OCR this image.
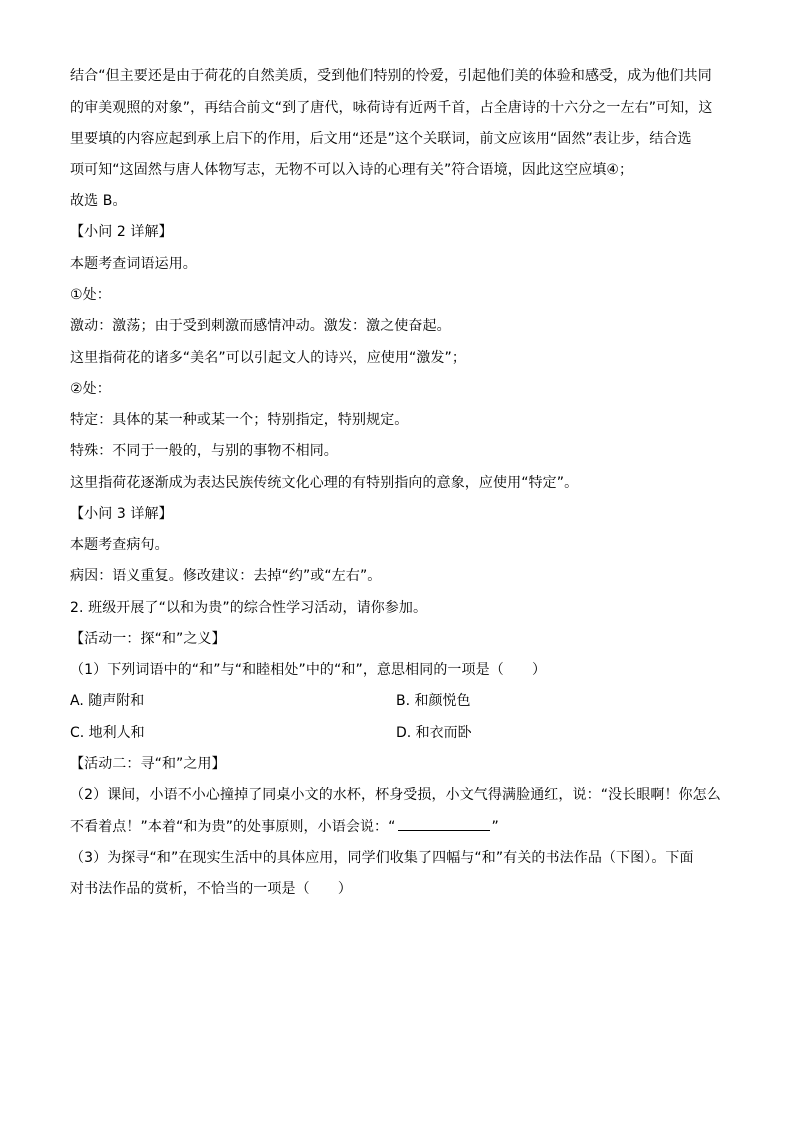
结合“但主要还是由于荷花的自然美质，受到他们特别的怜爱，引起他们美的体验和感受，成为他们共同

的审美观照的对象”，再结合前文“到了唐代，咏荷诗有近两千首，占全唐诗的十六分之一左右”可知，这

里要填的内容应起到承上启下的作用，后文用“还是”这个关联词，前文应该用“固然”表让步，结合选

项可知“这固然与唐人体物写志，无物不可以入诗的心理有关”符合语境，因此这空应填④；

故选 B。

【小问 2 详解】

本题考查词语运用。

①处：

激动：激荡；由于受到刺激而感情冲动。激发：激之使奋起。

这里指荷花的诸多“美名”可以引起文人的诗兴，应使用“激发”；

②处：

特定：具体的某一种或某一个；特别指定，特别规定。

特殊：不同于一般的，与别的事物不相同。

这里指荷花逐渐成为表达民族传统文化心理的有特别指向的意象，应使用“特定”。

【小问 3 详解】

本题考查病句。

病因：语义重复。修改建议：去掉“约”或“左右”。

2. 班级开展了“以和为贵”的综合性学习活动，请你参加。

【活动一：探“和”之义】

（1）下列词语中的“和”与“和睦相处”中的“和”，意思相同的一项是（　　）

A. 随声附和	B. 和颜悦色
C. 地利人和	D. 和衣而卧

【活动二：寻“和”之用】

（2）课间，小语不小心撞掉了同桌小文的水杯，杯身受损，小文气得满脸通红，说：“没长眼啊！你怎么

不看着点！”本着“和为贵”的处事原则，小语会说：“	”

（3）为探寻“和”在现实生活中的具体应用，同学们收集了四幅与“和”有关的书法作品（下图）。下面

对书法作品的赏析，不恰当的一项是（　　）
